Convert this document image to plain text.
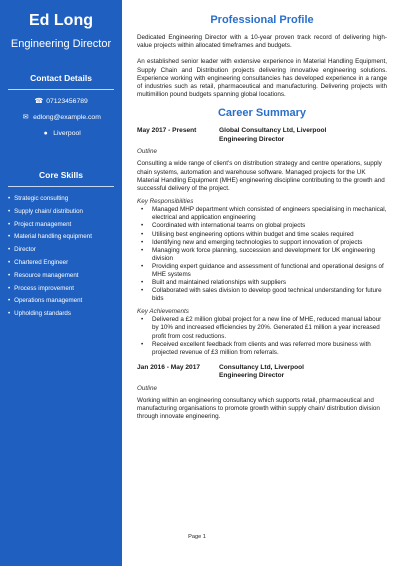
Ed Long
Engineering Director
Contact Details
☎ 07123456789
✉ edlong@example.com
● Liverpool
Core Skills
• Strategic consulting
• Supply chain/ distribution
• Project management
• Material handling equipment
• Director
• Chartered Engineer
• Resource management
• Process improvement
• Operations management
• Upholding standards
Professional Profile

Dedicated Engineering Director with a 10-year proven track record of delivering high-value projects within allocated timeframes and budgets.

An established senior leader with extensive experience in Material Handling Equipment, Supply Chain and Distribution projects delivering innovative engineering solutions. Experience working with engineering consultancies has developed experience in a range of industries such as retail, pharmaceutical and manufacturing. Delivering projects with multimillion pound budgets spanning global locations.

Career Summary
May 2017 - Present	Global Consultancy Ltd, Liverpool
Engineering Director
Outline

Consulting a wide range of client's on distribution strategy and centre operations, supply chain systems, automation and warehouse software. Managed projects for the UK Material Handling Equipment (MHE) engineering discipline contributing to the growth and successful delivery of the project.

Key Responsibilities
• Managed MHP department which consisted of engineers specialising in mechanical, electrical and application engineering
• Coordinated with international teams on global projects
• Utilising best engineering options within budget and time scales required
• Identifying new and emerging technologies to support innovation of projects
• Managing work force planning, succession and development for UK engineering division
• Providing expert guidance and assessment of functional and operational designs of MHE systems
• Built and maintained relationships with suppliers
• Collaborated with sales division to develop good technical understanding for future bids
Key Achievements
• Delivered a £2 million global project for a new line of MHE, reduced manual labour by 10% and increased efficiencies by 20%. Generated £1 million a year increased profit from cost reductions.
• Received excellent feedback from clients and was referred more business with projected revenue of £3 million from referrals.
Jan 2016 - May 2017	Consultancy Ltd, Liverpool
Engineering Director
Outline

Working within an engineering consultancy which supports retail, pharmaceutical and manufacturing organisations to promote growth within supply chain/ distribution division through innovate engineering.

Page 1
